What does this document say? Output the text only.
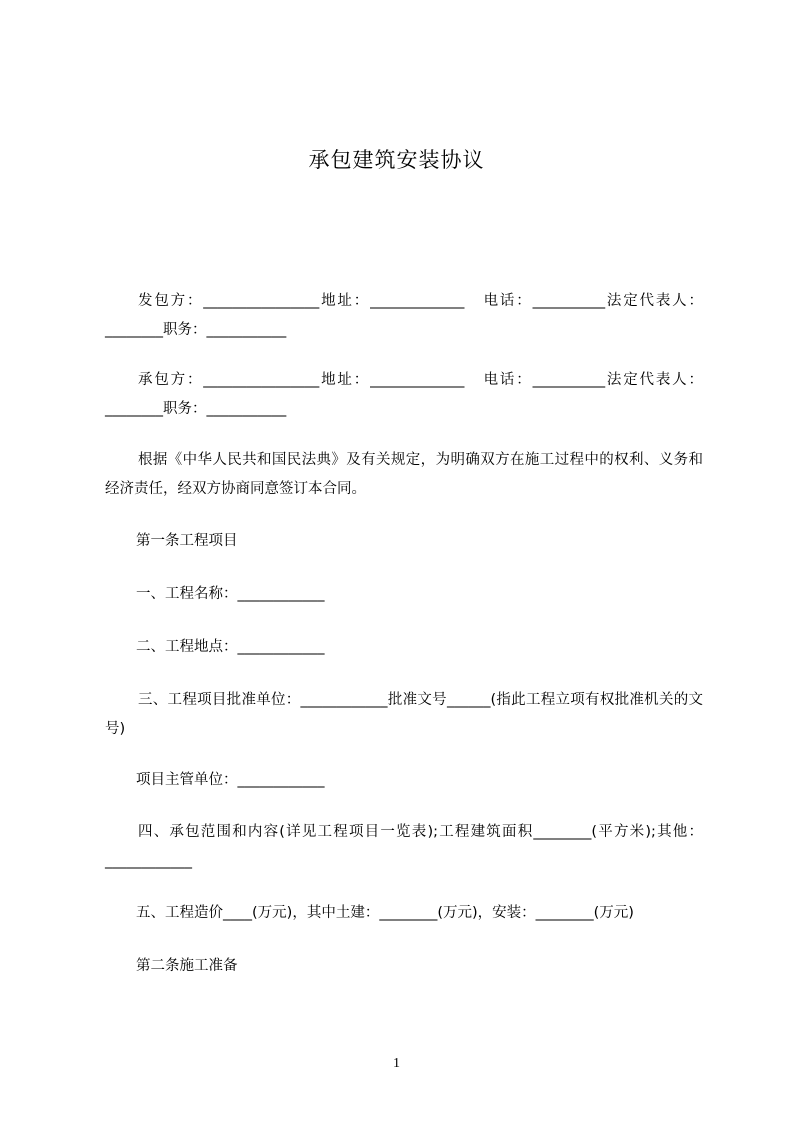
承包建筑安装协议
发包方：________________地址：_____________   电话：__________法定代表人：________职务：___________
承包方：________________地址：_____________   电话：__________法定代表人：________职务：___________
根据《中华人民共和国民法典》及有关规定，为明确双方在施工过程中的权利、义务和经济责任，经双方协商同意签订本合同。
第一条工程项目
一、工程名称：____________
二、工程地点：____________
三、工程项目批准单位：____________批准文号______(指此工程立项有权批准机关的文号)
项目主管单位：____________
四、承包范围和内容(详见工程项目一览表);工程建筑面积________(平方米);其他：____________
五、工程造价____(万元)，其中土建：________(万元)，安装：________(万元)
第二条施工准备
1
